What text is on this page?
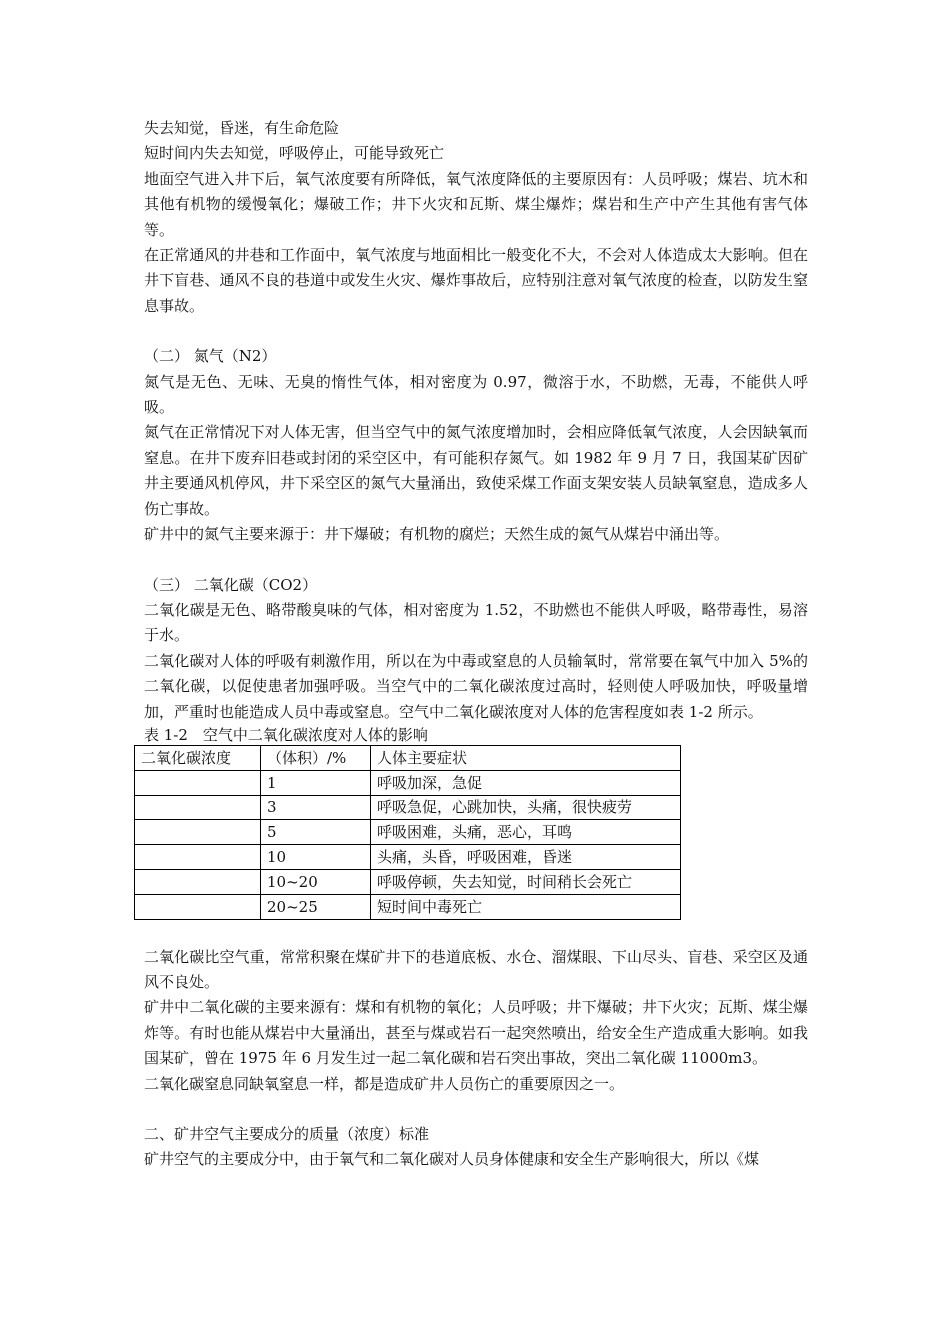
失去知觉，昏迷，有生命危险

短时间内失去知觉，呼吸停止，可能导致死亡

地面空气进入井下后，氧气浓度要有所降低，氧气浓度降低的主要原因有：人员呼吸；煤岩、坑木和其他有机物的缓慢氧化；爆破工作；井下火灾和瓦斯、煤尘爆炸；煤岩和生产中产生其他有害气体等。

在正常通风的井巷和工作面中，氧气浓度与地面相比一般变化不大，不会对人体造成太大影响。但在井下盲巷、通风不良的巷道中或发生火灾、爆炸事故后，应特别注意对氧气浓度的检查，以防发生窒息事故。

（二） 氮气（N2）

氮气是无色、无味、无臭的惰性气体，相对密度为 0.97，微溶于水，不助燃，无毒，不能供人呼吸。

氮气在正常情况下对人体无害，但当空气中的氮气浓度增加时，会相应降低氧气浓度，人会因缺氧而窒息。在井下废弃旧巷或封闭的采空区中，有可能积存氮气。如 1982 年 9 月 7 日，我国某矿因矿井主要通风机停风，井下采空区的氮气大量涌出，致使采煤工作面支架安装人员缺氧窒息，造成多人伤亡事故。

矿井中的氮气主要来源于：井下爆破；有机物的腐烂；天然生成的氮气从煤岩中涌出等。

（三） 二氧化碳（CO2）

二氧化碳是无色、略带酸臭味的气体，相对密度为 1.52，不助燃也不能供人呼吸，略带毒性，易溶于水。

二氧化碳对人体的呼吸有刺激作用，所以在为中毒或窒息的人员输氧时，常常要在氧气中加入 5%的二氧化碳，以促使患者加强呼吸。当空气中的二氧化碳浓度过高时，轻则使人呼吸加快，呼吸量增加，严重时也能造成人员中毒或窒息。空气中二氧化碳浓度对人体的危害程度如表 1-2 所示。

表 1-2　空气中二氧化碳浓度对人体的影响

二氧化碳浓度	（体积）/%	人体主要症状
	1	呼吸加深，急促
	3	呼吸急促，心跳加快，头痛，很快疲劳
	5	呼吸困难，头痛，恶心，耳鸣
	10	头痛，头昏，呼吸困难，昏迷
	10~20	呼吸停顿，失去知觉，时间稍长会死亡
	20~25	短时间中毒死亡

二氧化碳比空气重，常常积聚在煤矿井下的巷道底板、水仓、溜煤眼、下山尽头、盲巷、采空区及通风不良处。

矿井中二氧化碳的主要来源有：煤和有机物的氧化；人员呼吸；井下爆破；井下火灾；瓦斯、煤尘爆炸等。有时也能从煤岩中大量涌出，甚至与煤或岩石一起突然喷出，给安全生产造成重大影响。如我国某矿，曾在 1975 年 6 月发生过一起二氧化碳和岩石突出事故，突出二氧化碳 11000m3。

二氧化碳窒息同缺氧窒息一样，都是造成矿井人员伤亡的重要原因之一。

二、矿井空气主要成分的质量（浓度）标准

矿井空气的主要成分中，由于氧气和二氧化碳对人员身体健康和安全生产影响很大，所以《煤
